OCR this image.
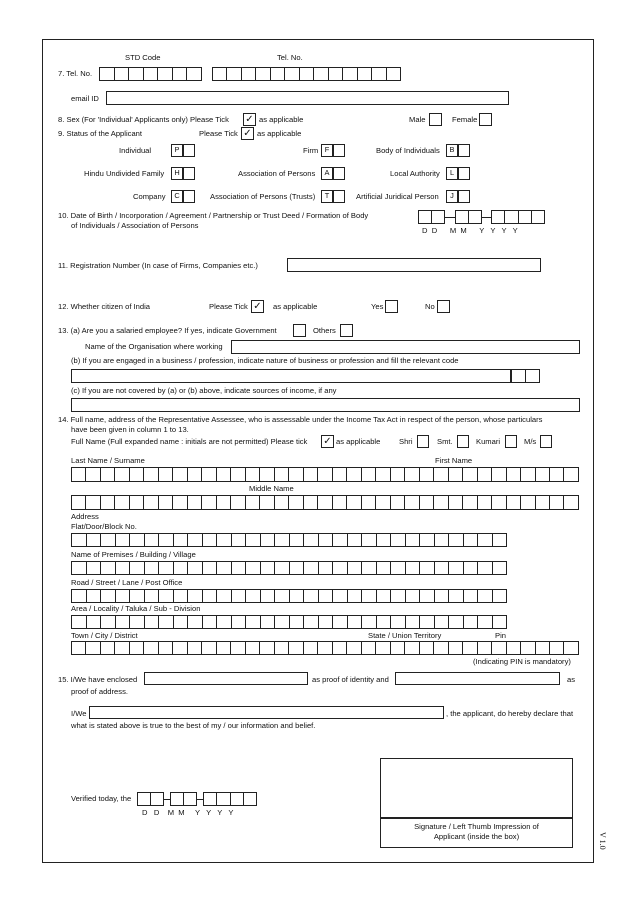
STD Code	Tel. No.
7. Tel. No.
email ID
8. Sex (For 'Individual' Applicants only) Please Tick ✓ as applicable	Male	Female
9. Status of the Applicant	Please Tick ✓ as applicable
Individual	P	Firm F	Body of Individuals	B
Hindu Undivided Family	H	Association of Persons	A	Local Authority	L
Company	C	Association of Persons (Trusts)	T	Artificial Juridical Person	J
10. Date of Birth / Incorporation / Agreement / Partnership or Trust Deed / Formation of Body
of Individuals / Association of Persons
D  D      M  M      Y   Y   Y   Y
11. Registration Number (In case of Firms, Companies etc.)
12. Whether citizen of India	Please Tick ✓	as applicable	Yes	No
13. (a) Are you a salaried employee? If yes, indicate Government	Others
Name of the Organisation where working
(b) If you are engaged in a business / profession, indicate nature of business or profession and fill the relevant code
(c) If you are not covered by (a) or (b) above, indicate sources of income, if any
14. Full name, address of the Representative Assessee, who is assessable under the Income Tax Act in respect of the person, whose particulars
have been given in column 1 to 13.
Full Name (Full expanded name : initials are not permitted) Please tick ✓ as applicable Shri	Smt.	Kumari	M/s
Last Name / Surname	First Name
Middle Name
Address
Flat/Door/Block No.
Name of Premises / Building / Village
Road / Street / Lane / Post Office
Area / Locality / Taluka / Sub - Division
Town / City / District	State / Union Territory	Pin
(Indicating PIN is mandatory)
15. I/We have enclosed	as proof of identity and	as
proof of address.
I/We	, the applicant, do hereby declare that
what is stated above is true to the best of my / our information and belief.
Verified today, the
D   D    M  M     Y   Y   Y   Y
Signature / Left Thumb Impression of
Applicant (inside the box)	V 1.0
